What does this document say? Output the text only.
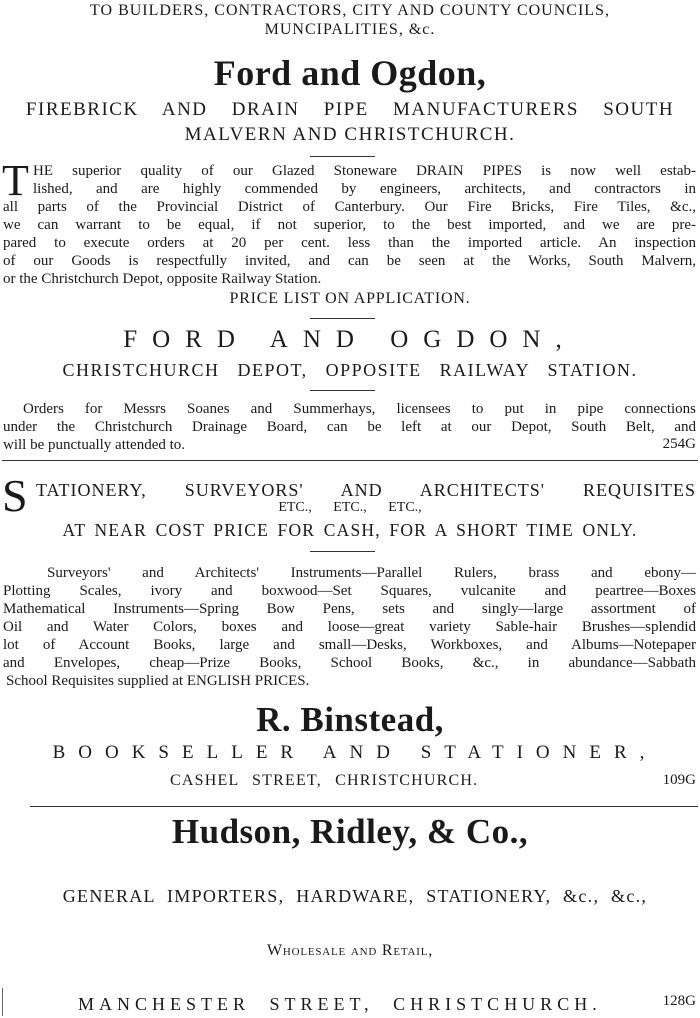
TO BUILDERS, CONTRACTORS, CITY AND COUNTY COUNCILS,
MUNCIPALITIES, &c.
Ford and Ogdon,
FIREBRICK AND DRAIN PIPE MANUFACTURERS SOUTH
MALVERN AND CHRISTCHURCH.
T HE superior quality of our Glazed Stoneware DRAIN PIPES is now well estab-
lished, and are highly commended by engineers, architects, and contractors in
all parts of the Provincial District of Canterbury. Our Fire Bricks, Fire Tiles, &c.,
we can warrant to be equal, if not superior, to the best imported, and we are pre-
pared to execute orders at 20 per cent. less than the imported article. An inspection
of our Goods is respectfully invited, and can be seen at the Works, South Malvern,
or the Christchurch Depot, opposite Railway Station.
PRICE LIST ON APPLICATION.
FORD AND OGDON,
CHRISTCHURCH DEPOT, OPPOSITE RAILWAY STATION.
Orders for Messrs Soanes and Summerhays, licensees to put in pipe connections
under the Christchurch Drainage Board, can be left at our Depot, South Belt, and
will be punctually attended to.	254G
S TATIONERY, SURVEYORS' AND ARCHITECTS' REQUISITES
ETC., ETC., ETC.,
AT NEAR COST PRICE FOR CASH, FOR A SHORT TIME ONLY.
Surveyors' and Architects' Instruments—Parallel Rulers, brass and ebony—
Plotting Scales, ivory and boxwood—Set Squares, vulcanite and peartree—Boxes
Mathematical Instruments—Spring Bow Pens, sets and singly—large assortment of
Oil and Water Colors, boxes and loose—great variety Sable-hair Brushes—splendid
lot of Account Books, large and small—Desks, Workboxes, and Albums—Notepaper
and Envelopes, cheap—Prize Books, School Books, &c., in abundance—Sabbath
School Requisites supplied at ENGLISH PRICES.
R. Binstead,
BOOKSELLER AND STATIONER,
CASHEL STREET, CHRISTCHURCH.	109G
Hudson, Ridley, & Co.,
GENERAL IMPORTERS, HARDWARE, STATIONERY, &c., &c.,
Wholesale and Retail,
MANCHESTER STREET, CHRISTCHURCH.	128G
